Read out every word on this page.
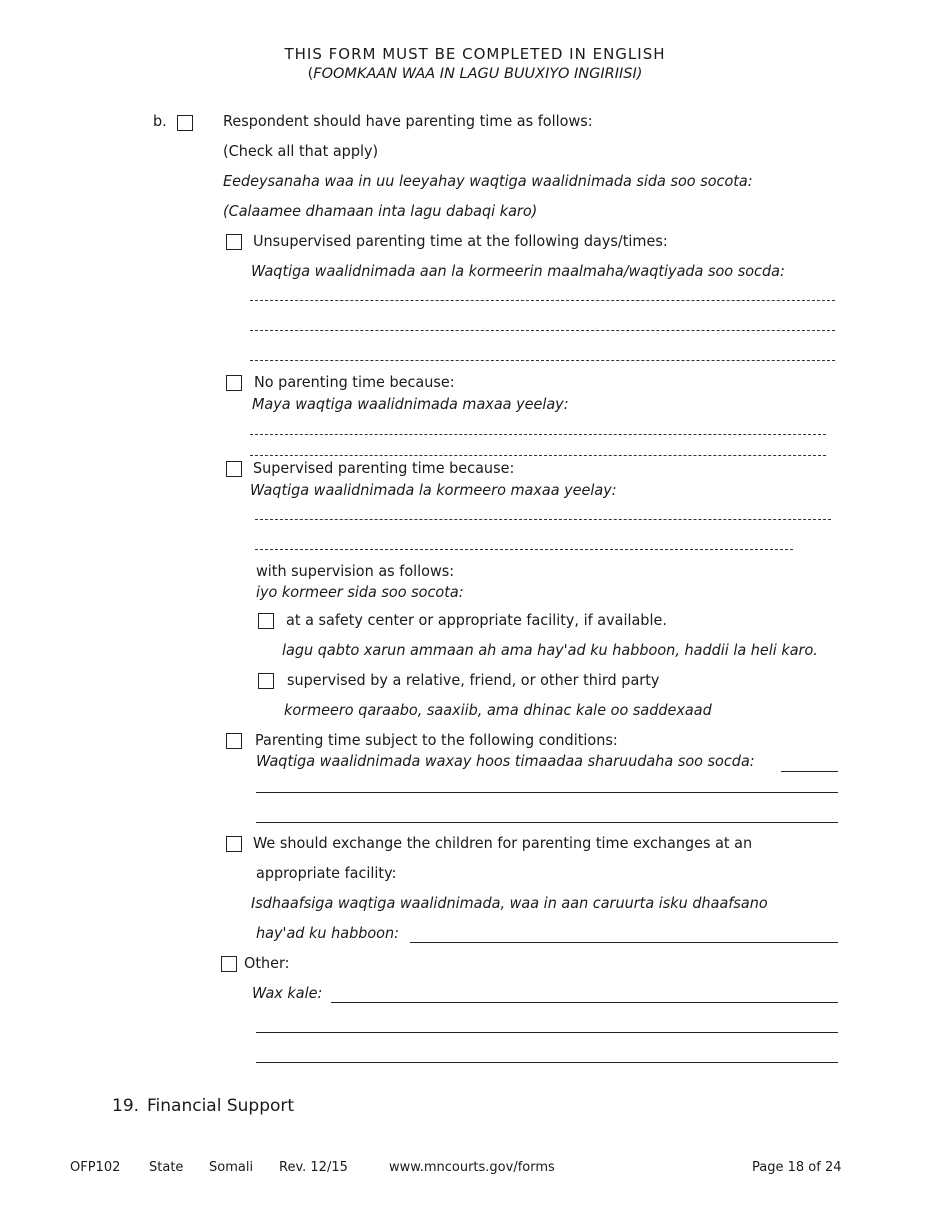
THIS FORM MUST BE COMPLETED IN ENGLISH
(FOOMKAAN WAA IN LAGU BUUXIYO INGIRIISI)
b.	Respondent should have parenting time as follows:
(Check all that apply)
Eedeysanaha waa in uu leeyahay waqtiga waalidnimada sida soo socota:
(Calaamee dhamaan inta lagu dabaqi karo)
Unsupervised parenting time at the following days/times:
Waqtiga waalidnimada aan la kormeerin maalmaha/waqtiyada soo socda:
No parenting time because:
Maya waqtiga waalidnimada maxaa yeelay:
Supervised parenting time because:
Waqtiga waalidnimada la kormeero maxaa yeelay:
with supervision as follows:
iyo kormeer sida soo socota:
at a safety center or appropriate facility, if available.
lagu qabto xarun ammaan ah ama hay'ad ku habboon, haddii la heli karo.
supervised by a relative, friend, or other third party
kormeero qaraabo, saaxiib, ama dhinac kale oo saddexaad
Parenting time subject to the following conditions:
Waqtiga waalidnimada waxay hoos timaadaa sharuudaha soo socda:
We should exchange the children for parenting time exchanges at an
appropriate facility:
Isdhaafsiga waqtiga waalidnimada, waa in aan caruurta isku dhaafsano
hay'ad ku habboon:
Other:
Wax kale:
19. Financial Support
OFP102 State Somali Rev. 12/15	www.mncourts.gov/forms	Page 18 of 24
